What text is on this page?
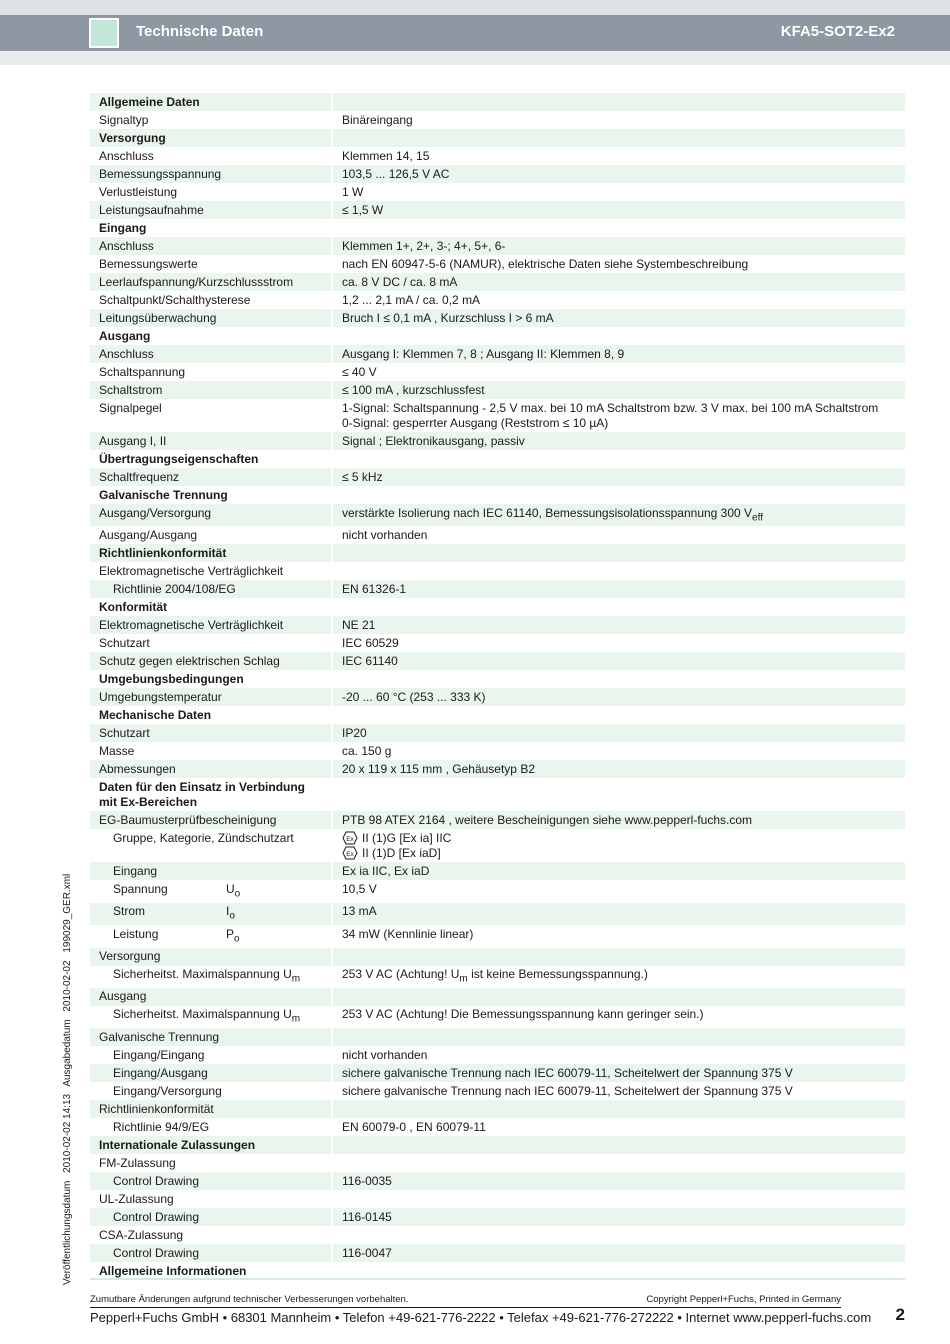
Technische Daten	KFA5-SOT2-Ex2
Veröffentlichungsdatum 2010-02-02 14:13 Ausgabedatum 2010-02-02 199029_GER.xml
Allgemeine Daten	
Signaltyp	Binäreingang
Versorgung	
Anschluss	Klemmen 14, 15
Bemessungsspannung	103,5 ... 126,5 V AC
Verlustleistung	1 W
Leistungsaufnahme	≤ 1,5 W
Eingang	
Anschluss	Klemmen 1+, 2+, 3-; 4+, 5+, 6-
Bemessungswerte	nach EN 60947-5-6 (NAMUR), elektrische Daten siehe Systembeschreibung
Leerlaufspannung/Kurzschlussstrom	ca. 8 V DC / ca. 8 mA
Schaltpunkt/Schalthysterese	1,2 ... 2,1 mA / ca. 0,2 mA
Leitungsüberwachung	Bruch I ≤ 0,1 mA , Kurzschluss I > 6 mA
Ausgang	
Anschluss	Ausgang I: Klemmen 7, 8 ; Ausgang II: Klemmen 8, 9
Schaltspannung	≤ 40 V
Schaltstrom	≤ 100 mA , kurzschlussfest
Signalpegel	1-Signal: Schaltspannung - 2,5 V max. bei 10 mA Schaltstrom bzw. 3 V max. bei 100 mA Schaltstrom
0-Signal: gesperrter Ausgang (Reststrom ≤ 10 µA)

Ausgang I, II	Signal ; Elektronikausgang, passiv
Übertragungseigenschaften	
Schaltfrequenz	≤ 5 kHz
Galvanische Trennung	
Ausgang/Versorgung	verstärkte Isolierung nach IEC 61140, Bemessungsisolationsspannung 300 $V_{eff}$
Ausgang/Ausgang	nicht vorhanden
Richtlinienkonformität	
Elektromagnetische Verträglichkeit	
Richtlinie 2004/108/EG	EN 61326-1
Konformität	
Elektromagnetische Verträglichkeit	NE 21
Schutzart	IEC 60529
Schutz gegen elektrischen Schlag	IEC 61140
Umgebungsbedingungen	
Umgebungstemperatur	-20 ... 60 °C (253 ... 333 K)
Mechanische Daten	
Schutzart	IP20
Masse	ca. 150 g
Abmessungen	20 x 119 x 115 mm , Gehäusetyp B2

Daten für den Einsatz in Verbindung
mit Ex-Bereichen	

EG-Baumusterprüfbescheinigung	PTB 98 ATEX 2164 , weitere Bescheinigungen siehe www.pepperl-fuchs.com
Gruppe, Kategorie, Zündschutzart	Ex II (1)G [Ex ia] IIC
Ex II (1)D [Ex iaD]

Eingang	Ex ia IIC, Ex iaD

Spannung $U_o$	10,5 V

Strom $I_o$	13 mA

Leistung $P_o$	34 mW (Kennlinie linear)
Versorgung	
Sicherheitst. Maximalspannung $U_m$	253 V AC (Achtung! $U_m$ ist keine Bemessungsspannung.)
Ausgang	
Sicherheitst. Maximalspannung $U_m$	253 V AC (Achtung! Die Bemessungsspannung kann geringer sein.)
Galvanische Trennung	
Eingang/Eingang	nicht vorhanden
Eingang/Ausgang	sichere galvanische Trennung nach IEC 60079-11, Scheitelwert der Spannung 375 V
Eingang/Versorgung	sichere galvanische Trennung nach IEC 60079-11, Scheitelwert der Spannung 375 V
Richtlinienkonformität	
Richtlinie 94/9/EG	EN 60079-0 , EN 60079-11
Internationale Zulassungen	
FM-Zulassung	
Control Drawing	116-0035
UL-Zulassung	
Control Drawing	116-0145
CSA-Zulassung	
Control Drawing	116-0047
Allgemeine Informationen	
Zumutbare Änderungen aufgrund technischer Verbesserungen vorbehalten.	Copyright Pepperl+Fuchs, Printed in Germany
Pepperl+Fuchs GmbH • 68301 Mannheim • Telefon +49-621-776-2222 • Telefax +49-621-776-272222 • Internet www.pepperl-fuchs.com 2
